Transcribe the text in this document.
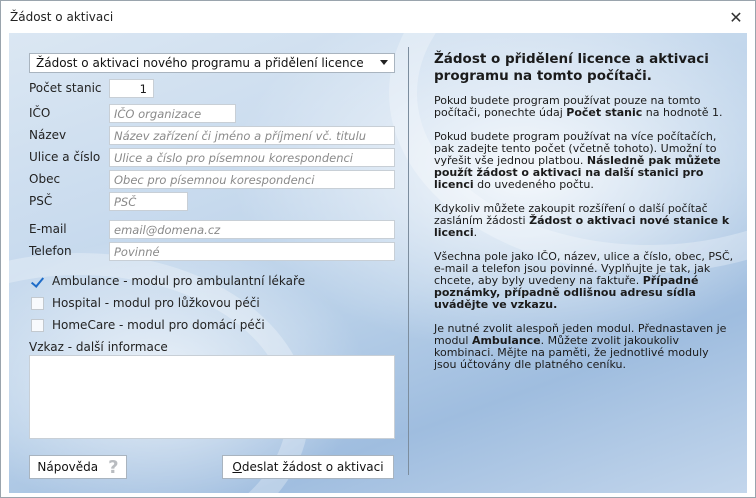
Žádost o aktivaci	✕
Žádost o aktivaci nového programu a přidělení licence
Počet stanic
1
IČO
IČO organizace
Název
Název zařízení či jméno a příjmení vč. titulu
Ulice a číslo
Ulice a číslo pro písemnou korespondenci
Obec
Obec pro písemnou korespondenci
PSČ
PSČ
E-mail
email@domena.cz
Telefon
Povinné
Ambulance - modul pro ambulantní lékaře
Hospital - modul pro lůžkovou péči
HomeCare - modul pro domácí péči
Vzkaz - další informace
Nápověda ?	O deslat žádost o aktivaci
Žádost o přidělení licence a aktivaci programu na tomto počítači.

Pokud budete program používat pouze na tomto počítači, ponechte údaj Počet stanic na hodnotě 1.

Pokud budete program používat na více počítačích, pak zadejte tento počet (včetně tohoto). Umožní to vyřešit vše jednou platbou. Následně pak můžete použít žádost o aktivaci na další stanici pro licenci do uvedeného počtu.

Kdykoliv můžete zakoupit rozšíření o další počítač zasláním žádosti Žádost o aktivaci nové stanice k licenci.

Všechna pole jako IČO, název, ulice a číslo, obec, PSČ, e-mail a telefon jsou povinné. Vyplňujte je tak, jak chcete, aby byly uvedeny na faktuře. Případné poznámky, případně odlišnou adresu sídla uvádějte ve vzkazu.

Je nutné zvolit alespoň jeden modul. Přednastaven je modul Ambulance. Můžete zvolit jakoukoliv kombinaci. Mějte na paměti, že jednotlivé moduly jsou účtovány dle platného ceníku.
